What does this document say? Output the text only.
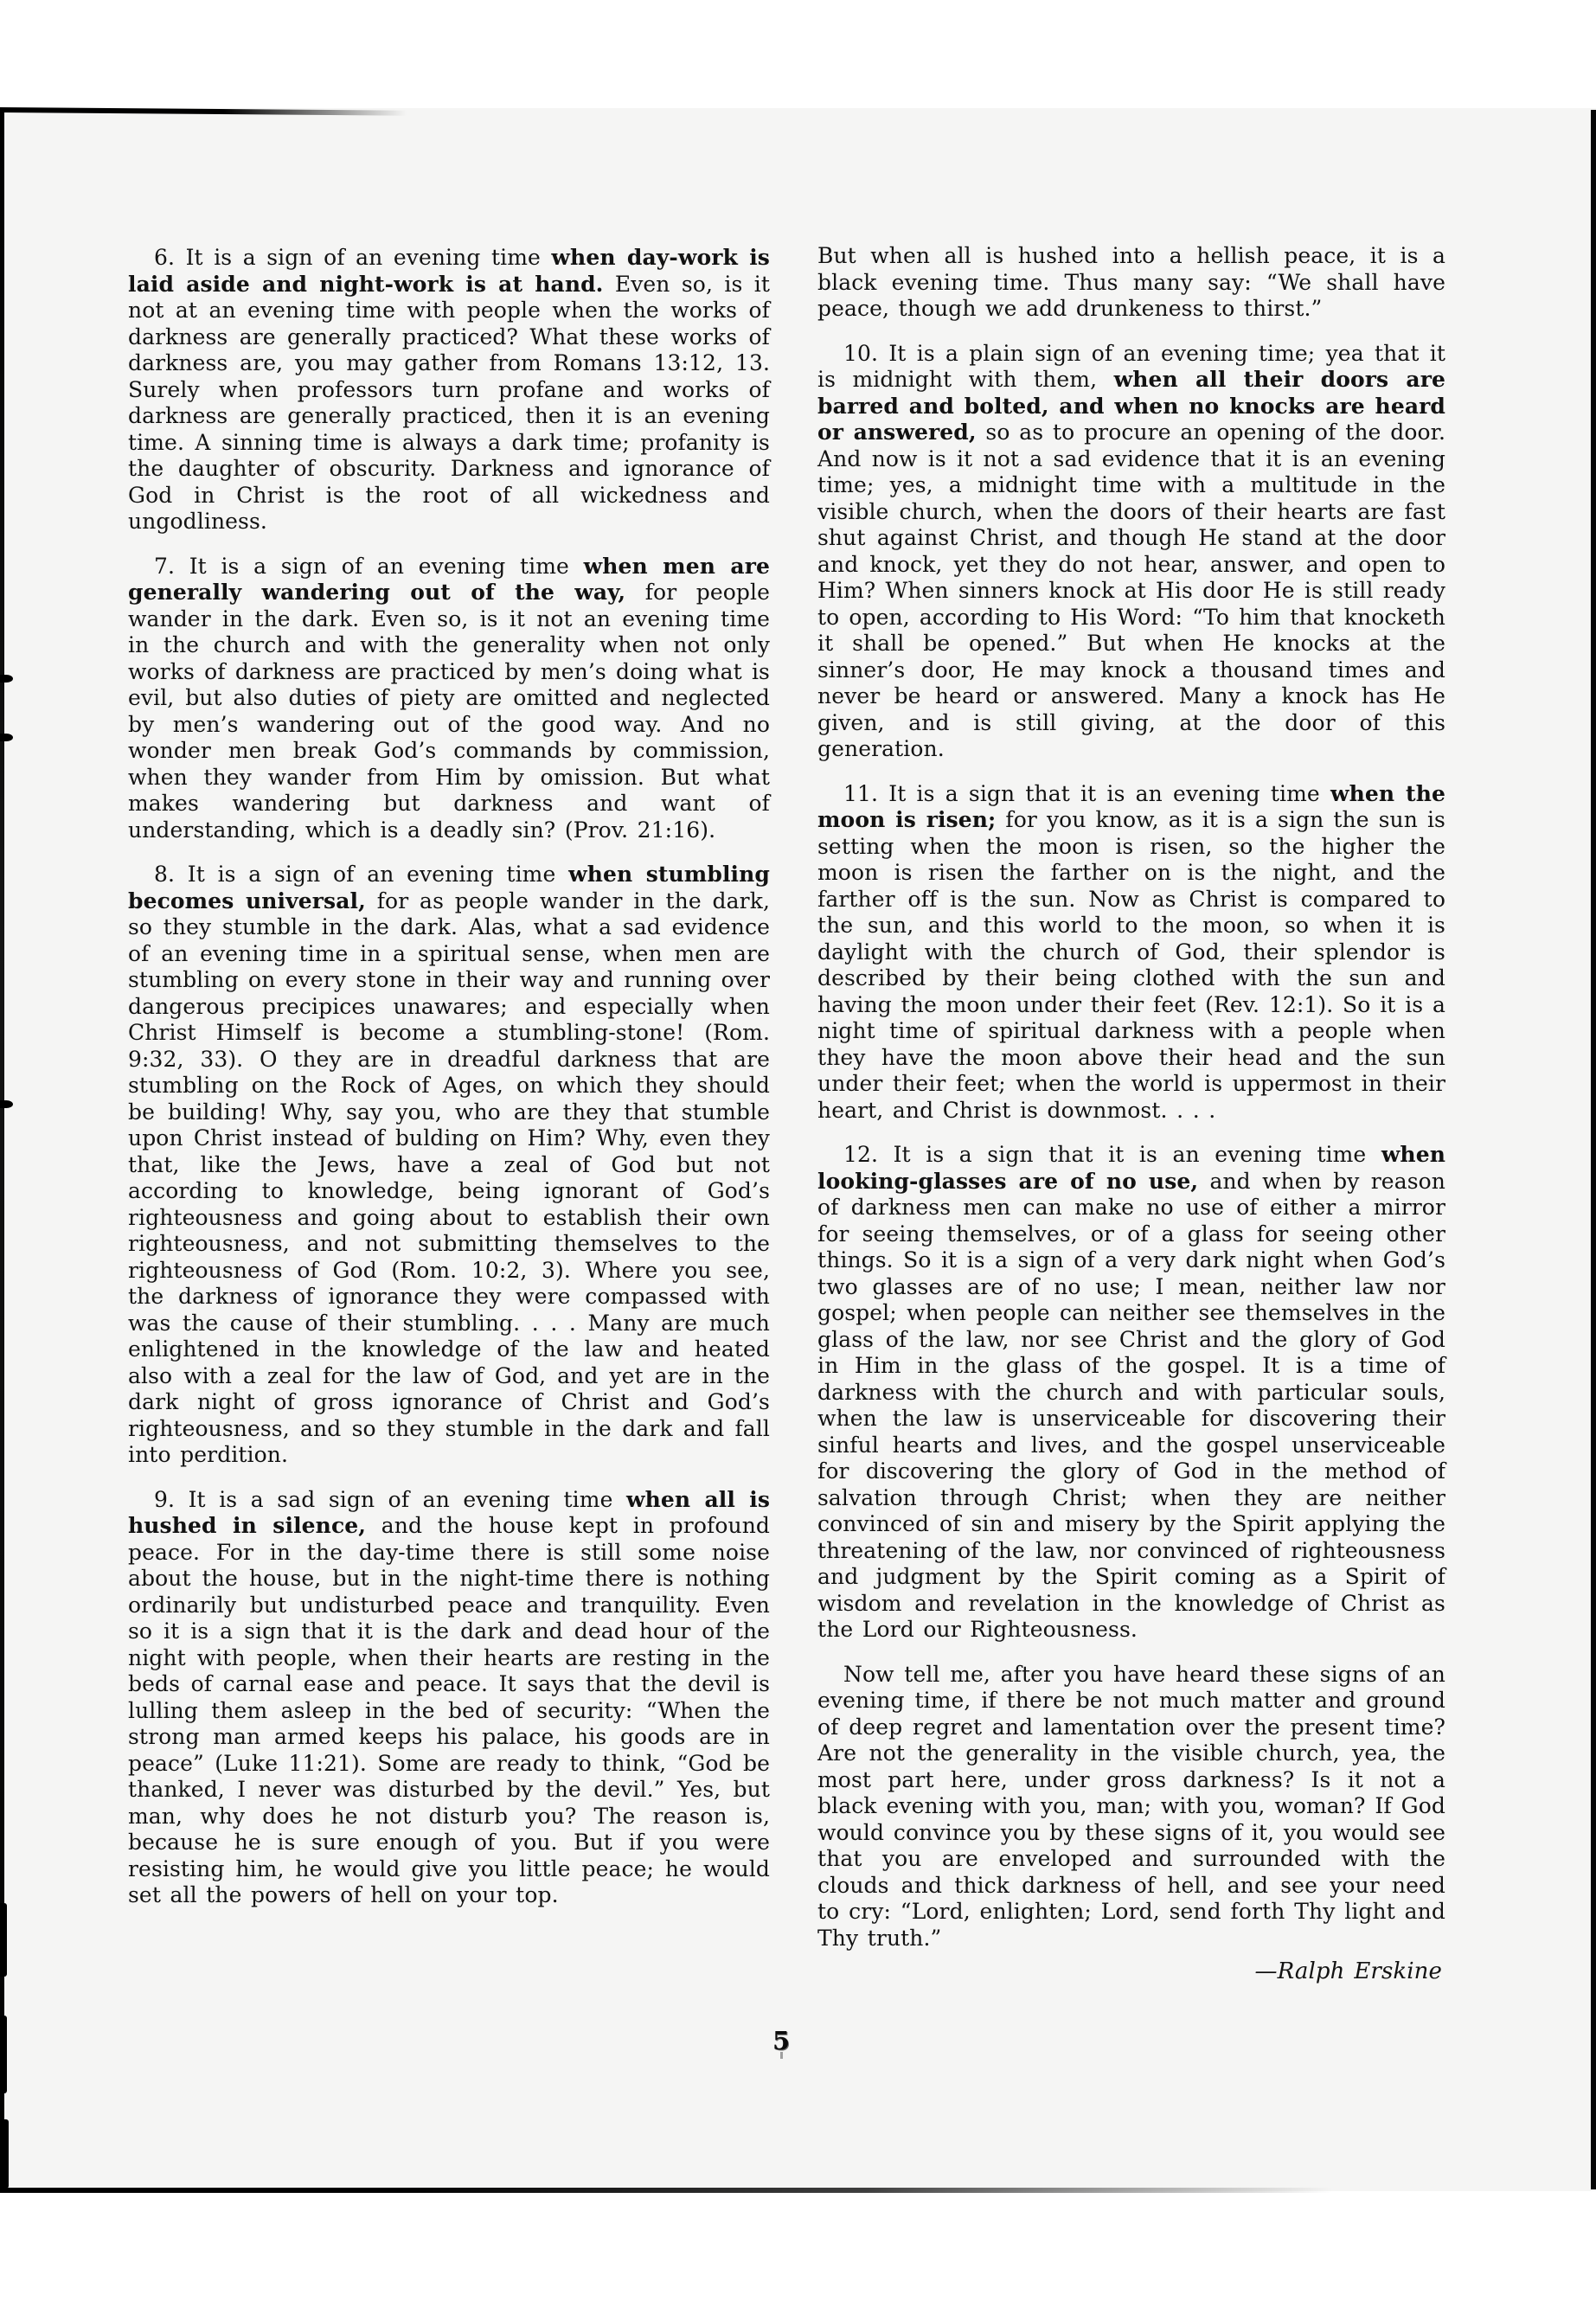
6. It is a sign of an evening time when day-work is laid aside and night-work is at hand. Even so, is it not at an evening time with people when the works of darkness are generally practiced? What these works of darkness are, you may gather from Romans 13:12, 13. Surely when professors turn profane and works of darkness are generally practiced, then it is an evening time. A sinning time is always a dark time; profanity is the daughter of obscurity. Darkness and ignorance of God in Christ is the root of all wickedness and ungodliness.

7. It is a sign of an evening time when men are generally wandering out of the way, for people wander in the dark. Even so, is it not an evening time in the church and with the generality when not only works of darkness are practiced by men’s doing what is evil, but also duties of piety are omitted and neglected by men’s wandering out of the good way. And no wonder men break God’s commands by commission, when they wander from Him by omission. But what makes wandering but darkness and want of understanding, which is a deadly sin? (Prov. 21:16).

8. It is a sign of an evening time when stumbling becomes universal, for as people wander in the dark, so they stumble in the dark. Alas, what a sad evidence of an evening time in a spiritual sense, when men are stumbling on every stone in their way and running over dangerous precipices unawares; and especially when Christ Himself is become a stumbling-stone! (Rom. 9:32, 33). O they are in dreadful darkness that are stumbling on the Rock of Ages, on which they should be building! Why, say you, who are they that stumble upon Christ instead of bulding on Him? Why, even they that, like the Jews, have a zeal of God but not according to knowledge, being ignorant of God’s righteousness and going about to establish their own righteousness, and not submitting themselves to the righteousness of God (Rom. 10:2, 3). Where you see, the darkness of ignorance they were compassed with was the cause of their stumbling. . . . Many are much enlightened in the knowledge of the law and heated also with a zeal for the law of God, and yet are in the dark night of gross ignorance of Christ and God’s righteousness, and so they stumble in the dark and fall into perdition.

9. It is a sad sign of an evening time when all is hushed in silence, and the house kept in profound peace. For in the day-time there is still some noise about the house, but in the night-time there is nothing ordinarily but undisturbed peace and tranquility. Even so it is a sign that it is the dark and dead hour of the night with people, when their hearts are resting in the beds of carnal ease and peace. It says that the devil is lulling them asleep in the bed of security: “When the strong man armed keeps his palace, his goods are in peace” (Luke 11:21). Some are ready to think, “God be thanked, I never was disturbed by the devil.” Yes, but man, why does he not disturb you? The reason is, because he is sure enough of you. But if you were resisting him, he would give you little peace; he would set all the powers of hell on your top.

But when all is hushed into a hellish peace, it is a black evening time. Thus many say: “We shall have peace, though we add drunkeness to thirst.”

10. It is a plain sign of an evening time; yea that it is midnight with them, when all their doors are barred and bolted, and when no knocks are heard or answered, so as to procure an opening of the door. And now is it not a sad evidence that it is an evening time; yes, a midnight time with a multitude in the visible church, when the doors of their hearts are fast shut against Christ, and though He stand at the door and knock, yet they do not hear, answer, and open to Him? When sinners knock at His door He is still ready to open, according to His Word: “To him that knocketh it shall be opened.” But when He knocks at the sinner’s door, He may knock a thousand times and never be heard or answered. Many a knock has He given, and is still giving, at the door of this generation.

11. It is a sign that it is an evening time when the moon is risen; for you know, as it is a sign the sun is setting when the moon is risen, so the higher the moon is risen the farther on is the night, and the farther off is the sun. Now as Christ is compared to the sun, and this world to the moon, so when it is daylight with the church of God, their splendor is described by their being clothed with the sun and having the moon under their feet (Rev. 12:1). So it is a night time of spiritual darkness with a people when they have the moon above their head and the sun under their feet; when the world is uppermost in their heart, and Christ is downmost. . . .

12. It is a sign that it is an evening time when looking-glasses are of no use, and when by reason of darkness men can make no use of either a mirror for seeing themselves, or of a glass for seeing other things. So it is a sign of a very dark night when God’s two glasses are of no use; I mean, neither law nor gospel; when people can neither see themselves in the glass of the law, nor see Christ and the glory of God in Him in the glass of the gospel. It is a time of darkness with the church and with particular souls, when the law is unserviceable for discovering their sinful hearts and lives, and the gospel unserviceable for discovering the glory of God in the method of salvation through Christ; when they are neither convinced of sin and misery by the Spirit applying the threatening of the law, nor convinced of righteousness and judgment by the Spirit coming as a Spirit of wisdom and revelation in the knowledge of Christ as the Lord our Righteousness.

Now tell me, after you have heard these signs of an evening time, if there be not much matter and ground of deep regret and lamentation over the present time? Are not the generality in the visible church, yea, the most part here, under gross darkness? Is it not a black evening with you, man; with you, woman? If God would convince you by these signs of it, you would see that you are enveloped and surrounded with the clouds and thick darkness of hell, and see your need to cry: “Lord, enlighten; Lord, send forth Thy light and Thy truth.”

—Ralph Erskine

5
